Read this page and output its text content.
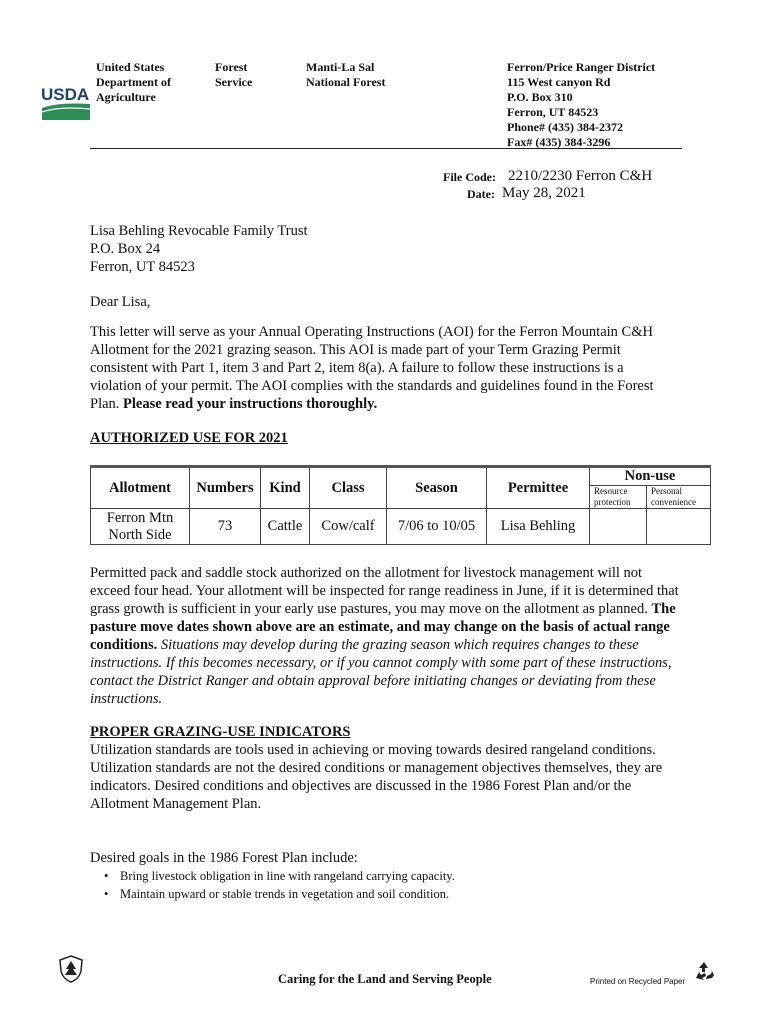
USDA
United States
Department of
Agriculture
Forest
Service
Manti-La Sal
National Forest
Ferron/Price Ranger District
115 West canyon Rd
P.O. Box 310
Ferron, UT 84523
Phone# (435) 384-2372
Fax# (435) 384-3296
File Code: 2210/2230 Ferron C&H
Date: May 28, 2021
Lisa Behling Revocable Family Trust
P.O. Box 24
Ferron, UT 84523
Dear Lisa,
This letter will serve as your Annual Operating Instructions (AOI) for the Ferron Mountain C&H Allotment for the 2021 grazing season. This AOI is made part of your Term Grazing Permit consistent with Part 1, item 3 and Part 2, item 8(a). A failure to follow these instructions is a violation of your permit. The AOI complies with the standards and guidelines found in the Forest Plan. Please read your instructions thoroughly.
AUTHORIZED USE FOR 2021
Allotment	Numbers	Kind	Class	Season	Permittee	Non-use
Resource
protection
Personal
convenience	

Ferron Mtn
North Side	73	Cattle	Cow/calf	7/06 to 10/05	Lisa Behling		
Permitted pack and saddle stock authorized on the allotment for livestock management will not exceed four head. Your allotment will be inspected for range readiness in June, if it is determined that grass growth is sufficient in your early use pastures, you may move on the allotment as planned. The pasture move dates shown above are an estimate, and may change on the basis of actual range conditions. Situations may develop during the grazing season which requires changes to these instructions. If this becomes necessary, or if you cannot comply with some part of these instructions, contact the District Ranger and obtain approval before initiating changes or deviating from these instructions.
PROPER GRAZING-USE INDICATORS
Utilization standards are tools used in achieving or moving towards desired rangeland conditions. Utilization standards are not the desired conditions or management objectives themselves, they are indicators. Desired conditions and objectives are discussed in the 1986 Forest Plan and/or the Allotment Management Plan.
Desired goals in the 1986 Forest Plan include:
• Bring livestock obligation in line with rangeland carrying capacity.
• Maintain upward or stable trends in vegetation and soil condition.
Caring for the Land and Serving People	Printed on Recycled Paper
